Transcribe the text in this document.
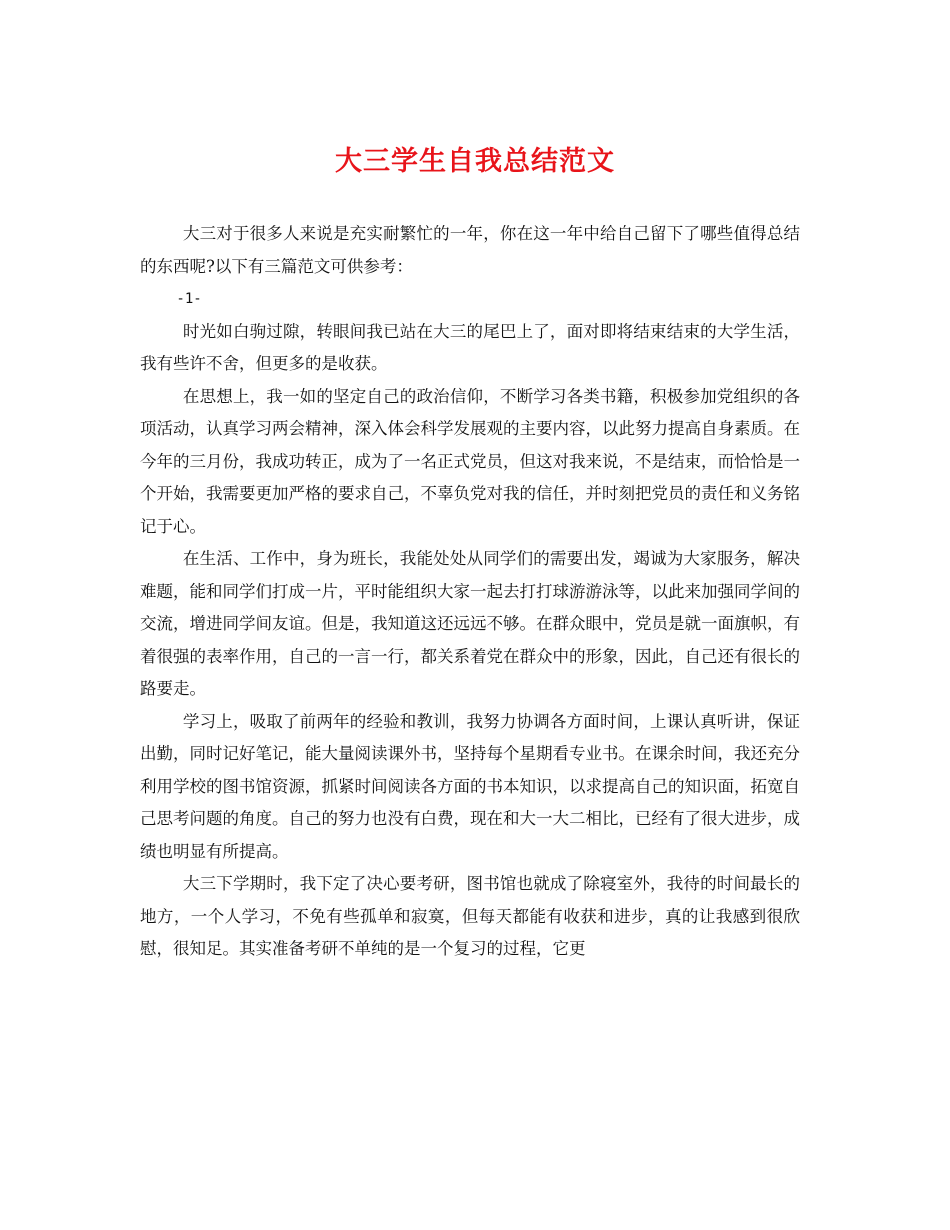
大三学生自我总结范文

大三对于很多人来说是充实耐繁忙的一年，你在这一年中给自己留下了哪些值得总结的东西呢?以下有三篇范文可供参考：

-1-

时光如白驹过隙，转眼间我已站在大三的尾巴上了，面对即将结束结束的大学生活，我有些许不舍，但更多的是收获。

在思想上，我一如的坚定自己的政治信仰，不断学习各类书籍，积极参加党组织的各项活动，认真学习两会精神，深入体会科学发展观的主要内容，以此努力提高自身素质。在今年的三月份，我成功转正，成为了一名正式党员，但这对我来说，不是结束，而恰恰是一个开始，我需要更加严格的要求自己，不辜负党对我的信任，并时刻把党员的责任和义务铭记于心。

在生活、工作中，身为班长，我能处处从同学们的需要出发，竭诚为大家服务，解决难题，能和同学们打成一片，平时能组织大家一起去打打球游游泳等，以此来加强同学间的交流，增进同学间友谊。但是，我知道这还远远不够。在群众眼中，党员是就一面旗帜，有着很强的表率作用，自己的一言一行，都关系着党在群众中的形象，因此，自己还有很长的路要走。

学习上，吸取了前两年的经验和教训，我努力协调各方面时间，上课认真听讲，保证出勤，同时记好笔记，能大量阅读课外书，坚持每个星期看专业书。在课余时间，我还充分利用学校的图书馆资源，抓紧时间阅读各方面的书本知识，以求提高自己的知识面，拓宽自己思考问题的角度。自己的努力也没有白费，现在和大一大二相比，已经有了很大进步，成绩也明显有所提高。

大三下学期时，我下定了决心要考研，图书馆也就成了除寝室外，我待的时间最长的地方，一个人学习，不免有些孤单和寂寞，但每天都能有收获和进步，真的让我感到很欣慰，很知足。其实准备考研不单纯的是一个复习的过程，它更
